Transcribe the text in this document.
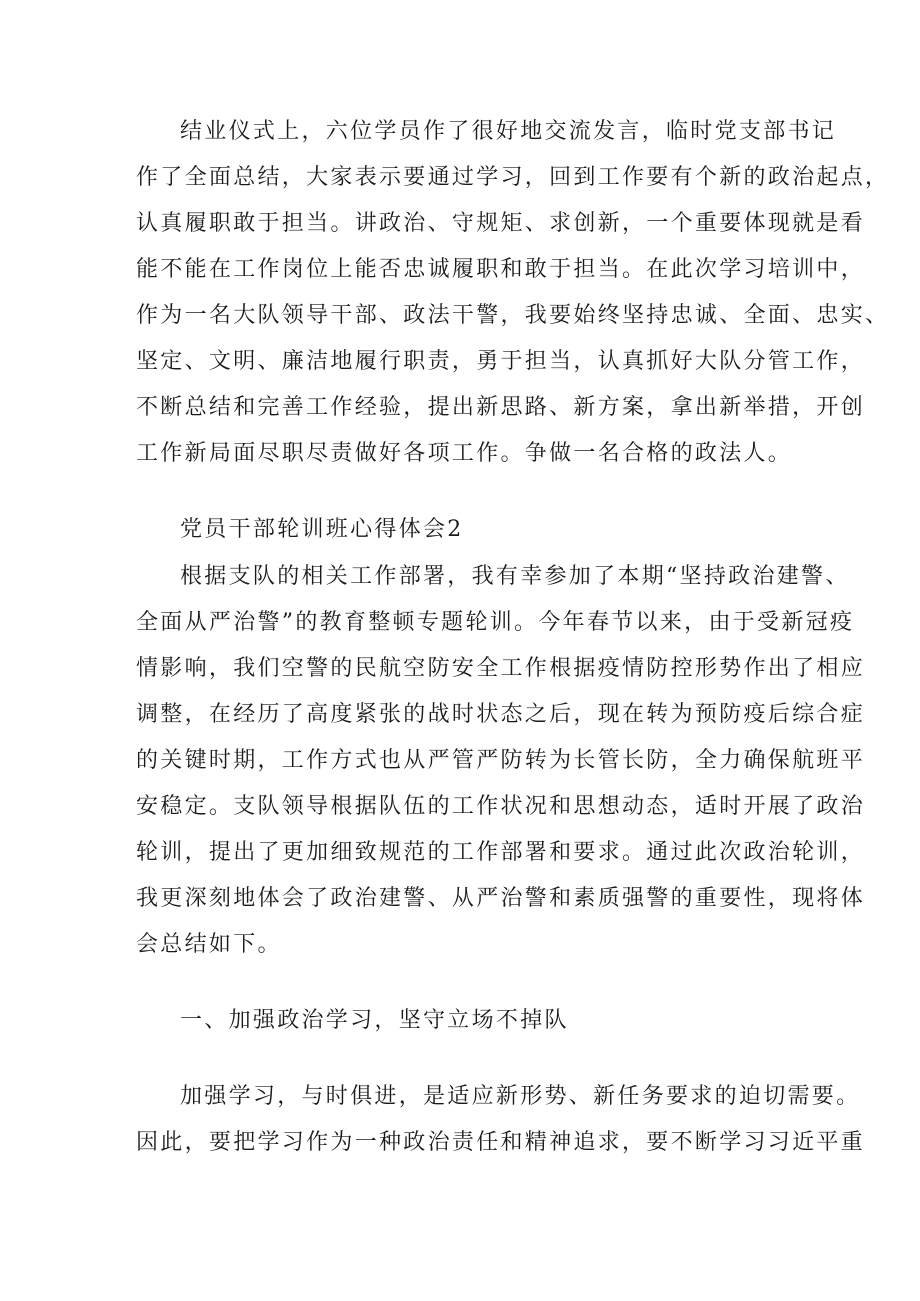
结业仪式上，六位学员作了很好地交流发言，临时党支部书记
作了全面总结，大家表示要通过学习，回到工作要有个新的政治起点，
认真履职敢于担当。讲政治、守规矩、求创新，一个重要体现就是看
能不能在工作岗位上能否忠诚履职和敢于担当。在此次学习培训中，
作为一名大队领导干部、政法干警，我要始终坚持忠诚、全面、忠实、
坚定、文明、廉洁地履行职责，勇于担当，认真抓好大队分管工作，
不断总结和完善工作经验，提出新思路、新方案，拿出新举措，开创
工作新局面尽职尽责做好各项工作。争做一名合格的政法人。
党员干部轮训班心得体会2
根据支队的相关工作部署，我有幸参加了本期“坚持政治建警、
全面从严治警”的教育整顿专题轮训。今年春节以来，由于受新冠疫
情影响，我们空警的民航空防安全工作根据疫情防控形势作出了相应
调整，在经历了高度紧张的战时状态之后，现在转为预防疫后综合症
的关键时期，工作方式也从严管严防转为长管长防，全力确保航班平
安稳定。支队领导根据队伍的工作状况和思想动态，适时开展了政治
轮训，提出了更加细致规范的工作部署和要求。通过此次政治轮训，
我更深刻地体会了政治建警、从严治警和素质强警的重要性，现将体
会总结如下。
一、加强政治学习，坚守立场不掉队
加强学习，与时俱进，是适应新形势、新任务要求的迫切需要。
因此，要把学习作为一种政治责任和精神追求，要不断学习习近平重
